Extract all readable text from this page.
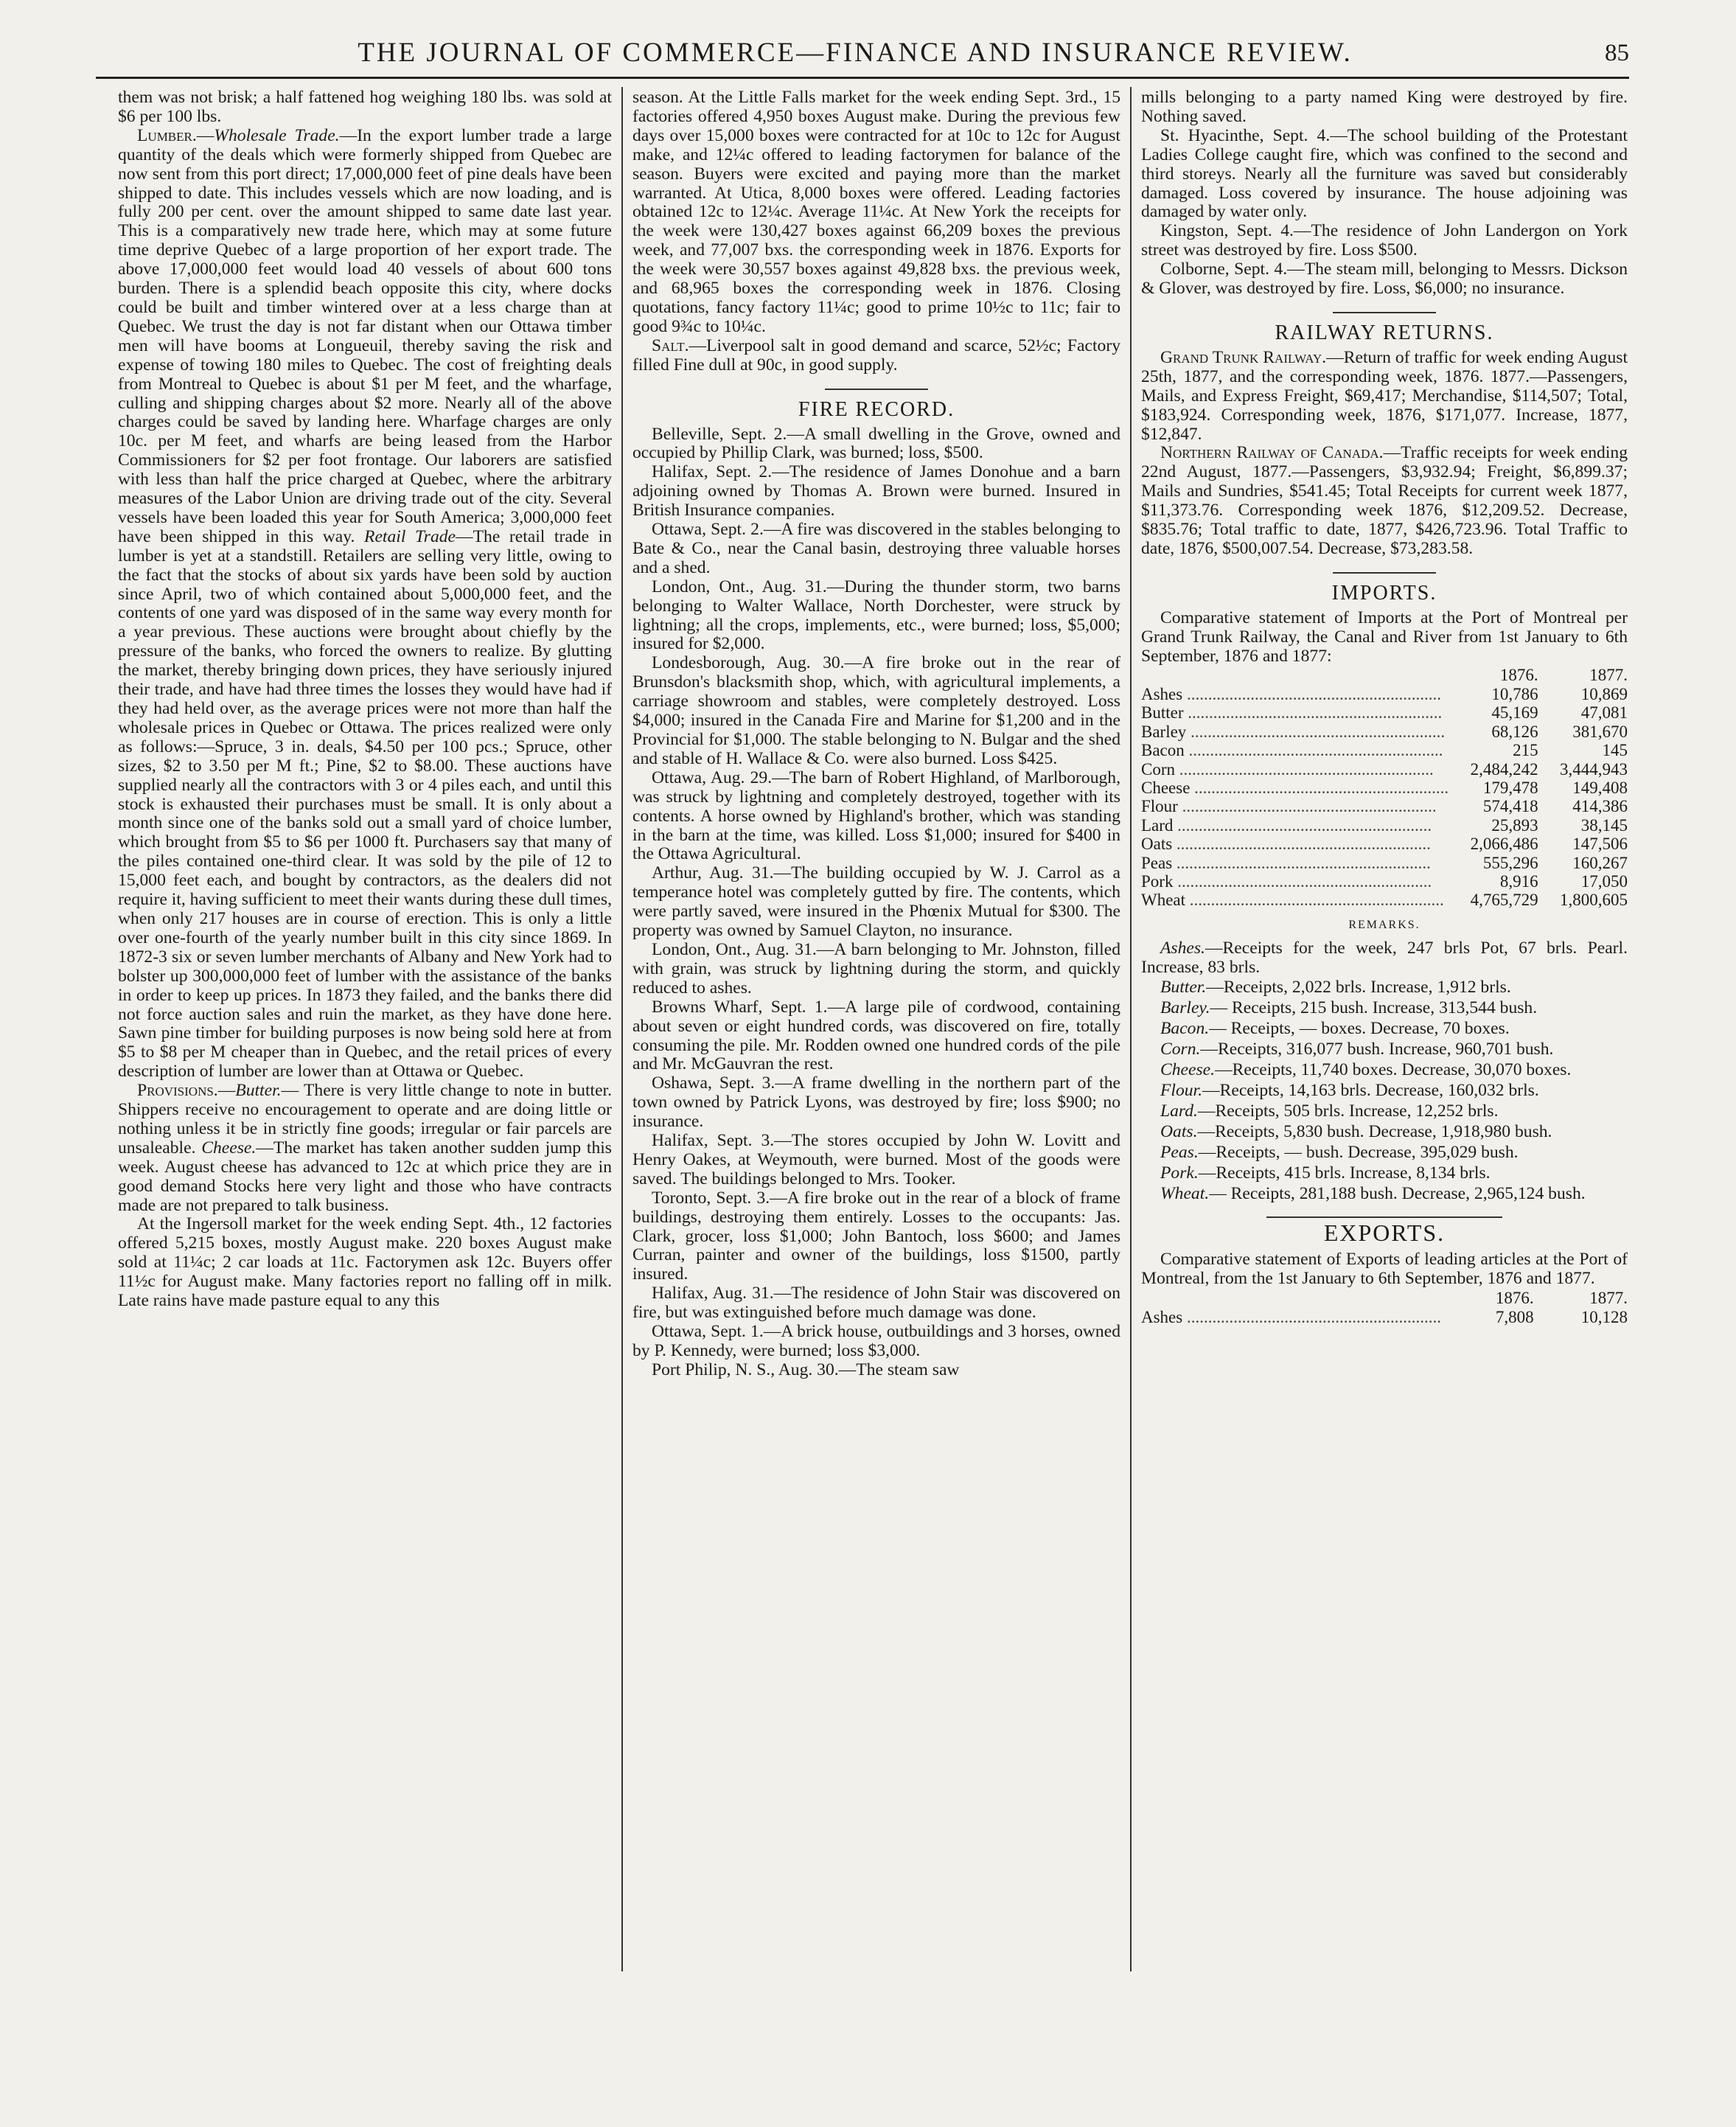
THE JOURNAL OF COMMERCE—FINANCE AND INSURANCE REVIEW.	85

them was not brisk; a half fattened hog weighing 180 lbs. was sold at $6 per 100 lbs.

Lumber.—Wholesale Trade.—In the export lumber trade a large quantity of the deals which were formerly shipped from Quebec are now sent from this port direct; 17,000,000 feet of pine deals have been shipped to date. This includes vessels which are now loading, and is fully 200 per cent. over the amount shipped to same date last year. This is a comparatively new trade here, which may at some future time deprive Quebec of a large proportion of her export trade. The above 17,000,000 feet would load 40 vessels of about 600 tons burden. There is a splendid beach opposite this city, where docks could be built and timber wintered over at a less charge than at Quebec. We trust the day is not far distant when our Ottawa timber men will have booms at Longueuil, thereby saving the risk and expense of towing 180 miles to Quebec. The cost of freighting deals from Montreal to Quebec is about $1 per M feet, and the wharfage, culling and shipping charges about $2 more. Nearly all of the above charges could be saved by landing here. Wharfage charges are only 10c. per M feet, and wharfs are being leased from the Harbor Commissioners for $2 per foot frontage. Our laborers are satisfied with less than half the price charged at Quebec, where the arbitrary measures of the Labor Union are driving trade out of the city. Several vessels have been loaded this year for South America; 3,000,000 feet have been shipped in this way. Retail Trade—The retail trade in lumber is yet at a standstill. Retailers are selling very little, owing to the fact that the stocks of about six yards have been sold by auction since April, two of which contained about 5,000,000 feet, and the contents of one yard was disposed of in the same way every month for a year previous. These auctions were brought about chiefly by the pressure of the banks, who forced the owners to realize. By glutting the market, thereby bringing down prices, they have seriously injured their trade, and have had three times the losses they would have had if they had held over, as the average prices were not more than half the wholesale prices in Quebec or Ottawa. The prices realized were only as follows:—Spruce, 3 in. deals, $4.50 per 100 pcs.; Spruce, other sizes, $2 to 3.50 per M ft.; Pine, $2 to $8.00. These auctions have supplied nearly all the contractors with 3 or 4 piles each, and until this stock is exhausted their purchases must be small. It is only about a month since one of the banks sold out a small yard of choice lumber, which brought from $5 to $6 per 1000 ft. Purchasers say that many of the piles contained one-third clear. It was sold by the pile of 12 to 15,000 feet each, and bought by contractors, as the dealers did not require it, having sufficient to meet their wants during these dull times, when only 217 houses are in course of erection. This is only a little over one-fourth of the yearly number built in this city since 1869. In 1872-3 six or seven lumber merchants of Albany and New York had to bolster up 300,000,000 feet of lumber with the assistance of the banks in order to keep up prices. In 1873 they failed, and the banks there did not force auction sales and ruin the market, as they have done here. Sawn pine timber for building purposes is now being sold here at from $5 to $8 per M cheaper than in Quebec, and the retail prices of every description of lumber are lower than at Ottawa or Quebec.

Provisions.—Butter.— There is very little change to note in butter. Shippers receive no encouragement to operate and are doing little or nothing unless it be in strictly fine goods; irregular or fair parcels are unsaleable. Cheese.—The market has taken another sudden jump this week. August cheese has advanced to 12c at which price they are in good demand Stocks here very light and those who have contracts made are not prepared to talk business.

At the Ingersoll market for the week ending Sept. 4th., 12 factories offered 5,215 boxes, mostly August make. 220 boxes August make sold at 11¼c; 2 car loads at 11c. Factorymen ask 12c. Buyers offer 11½c for August make. Many factories report no falling off in milk. Late rains have made pasture equal to any this

season. At the Little Falls market for the week ending Sept. 3rd., 15 factories offered 4,950 boxes August make. During the previous few days over 15,000 boxes were contracted for at 10c to 12c for August make, and 12¼c offered to leading factorymen for balance of the season. Buyers were excited and paying more than the market warranted. At Utica, 8,000 boxes were offered. Leading factories obtained 12c to 12¼c. Average 11¼c. At New York the receipts for the week were 130,427 boxes against 66,209 boxes the previous week, and 77,007 bxs. the corresponding week in 1876. Exports for the week were 30,557 boxes against 49,828 bxs. the previous week, and 68,965 boxes the corresponding week in 1876. Closing quotations, fancy factory 11¼c; good to prime 10½c to 11c; fair to good 9¾c to 10¼c.

Salt.—Liverpool salt in good demand and scarce, 52½c; Factory filled Fine dull at 90c, in good supply.

FIRE RECORD.

Belleville, Sept. 2.—A small dwelling in the Grove, owned and occupied by Phillip Clark, was burned; loss, $500.

Halifax, Sept. 2.—The residence of James Donohue and a barn adjoining owned by Thomas A. Brown were burned. Insured in British Insurance companies.

Ottawa, Sept. 2.—A fire was discovered in the stables belonging to Bate & Co., near the Canal basin, destroying three valuable horses and a shed.

London, Ont., Aug. 31.—During the thunder storm, two barns belonging to Walter Wallace, North Dorchester, were struck by lightning; all the crops, implements, etc., were burned; loss, $5,000; insured for $2,000.

Londesborough, Aug. 30.—A fire broke out in the rear of Brunsdon's blacksmith shop, which, with agricultural implements, a carriage showroom and stables, were completely destroyed. Loss $4,000; insured in the Canada Fire and Marine for $1,200 and in the Provincial for $1,000. The stable belonging to N. Bulgar and the shed and stable of H. Wallace & Co. were also burned. Loss $425.

Ottawa, Aug. 29.—The barn of Robert Highland, of Marlborough, was struck by lightning and completely destroyed, together with its contents. A horse owned by Highland's brother, which was standing in the barn at the time, was killed. Loss $1,000; insured for $400 in the Ottawa Agricultural.

Arthur, Aug. 31.—The building occupied by W. J. Carrol as a temperance hotel was completely gutted by fire. The contents, which were partly saved, were insured in the Phœnix Mutual for $300. The property was owned by Samuel Clayton, no insurance.

London, Ont., Aug. 31.—A barn belonging to Mr. Johnston, filled with grain, was struck by lightning during the storm, and quickly reduced to ashes.

Browns Wharf, Sept. 1.—A large pile of cordwood, containing about seven or eight hundred cords, was discovered on fire, totally consuming the pile. Mr. Rodden owned one hundred cords of the pile and Mr. McGauvran the rest.

Oshawa, Sept. 3.—A frame dwelling in the northern part of the town owned by Patrick Lyons, was destroyed by fire; loss $900; no insurance.

Halifax, Sept. 3.—The stores occupied by John W. Lovitt and Henry Oakes, at Weymouth, were burned. Most of the goods were saved. The buildings belonged to Mrs. Tooker.

Toronto, Sept. 3.—A fire broke out in the rear of a block of frame buildings, destroying them entirely. Losses to the occupants: Jas. Clark, grocer, loss $1,000; John Bantoch, loss $600; and James Curran, painter and owner of the buildings, loss $1500, partly insured.

Halifax, Aug. 31.—The residence of John Stair was discovered on fire, but was extinguished before much damage was done.

Ottawa, Sept. 1.—A brick house, outbuildings and 3 horses, owned by P. Kennedy, were burned; loss $3,000.

Port Philip, N. S., Aug. 30.—The steam saw

mills belonging to a party named King were destroyed by fire. Nothing saved.

St. Hyacinthe, Sept. 4.—The school building of the Protestant Ladies College caught fire, which was confined to the second and third storeys. Nearly all the furniture was saved but considerably damaged. Loss covered by insurance. The house adjoining was damaged by water only.

Kingston, Sept. 4.—The residence of John Landergon on York street was destroyed by fire. Loss $500.

Colborne, Sept. 4.—The steam mill, belonging to Messrs. Dickson & Glover, was destroyed by fire. Loss, $6,000; no insurance.

RAILWAY RETURNS.

Grand Trunk Railway.—Return of traffic for week ending August 25th, 1877, and the corresponding week, 1876. 1877.—Passengers, Mails, and Express Freight, $69,417; Merchandise, $114,507; Total, $183,924. Corresponding week, 1876, $171,077. Increase, 1877, $12,847.

Northern Railway of Canada.—Traffic receipts for week ending 22nd August, 1877.—Passengers, $3,932.94; Freight, $6,899.37; Mails and Sundries, $541.45; Total Receipts for current week 1877, $11,373.76. Corresponding week 1876, $12,209.52. Decrease, $835.76; Total traffic to date, 1877, $426,723.96. Total Traffic to date, 1876, $500,007.54. Decrease, $73,283.58.

IMPORTS.

Comparative statement of Imports at the Port of Montreal per Grand Trunk Railway, the Canal and River from 1st January to 6th September, 1876 and 1877:

	1876.	1877.
Ashes ............................................................	10,786	10,869
Butter ............................................................	45,169	47,081
Barley ............................................................	68,126	381,670
Bacon ............................................................	215	145
Corn ............................................................	2,484,242	3,444,943
Cheese ............................................................	179,478	149,408
Flour ............................................................	574,418	414,386
Lard ............................................................	25,893	38,145
Oats ............................................................	2,066,486	147,506
Peas ............................................................	555,296	160,267
Pork ............................................................	8,916	17,050
Wheat ............................................................	4,765,729	1,800,605
REMARKS.

Ashes.—Receipts for the week, 247 brls Pot, 67 brls. Pearl. Increase, 83 brls.

Butter.—Receipts, 2,022 brls. Increase, 1,912 brls.

Barley.— Receipts, 215 bush. Increase, 313,544 bush.

Bacon.— Receipts, — boxes. Decrease, 70 boxes.

Corn.—Receipts, 316,077 bush. Increase, 960,701 bush.

Cheese.—Receipts, 11,740 boxes. Decrease, 30,070 boxes.

Flour.—Receipts, 14,163 brls. Decrease, 160,032 brls.

Lard.—Receipts, 505 brls. Increase, 12,252 brls.

Oats.—Receipts, 5,830 bush. Decrease, 1,918,980 bush.

Peas.—Receipts, — bush. Decrease, 395,029 bush.

Pork.—Receipts, 415 brls. Increase, 8,134 brls.

Wheat.— Receipts, 281,188 bush. Decrease, 2,965,124 bush.

EXPORTS.

Comparative statement of Exports of leading articles at the Port of Montreal, from the 1st January to 6th September, 1876 and 1877.

	1876.	1877.
Ashes ............................................................	7,808	10,128
